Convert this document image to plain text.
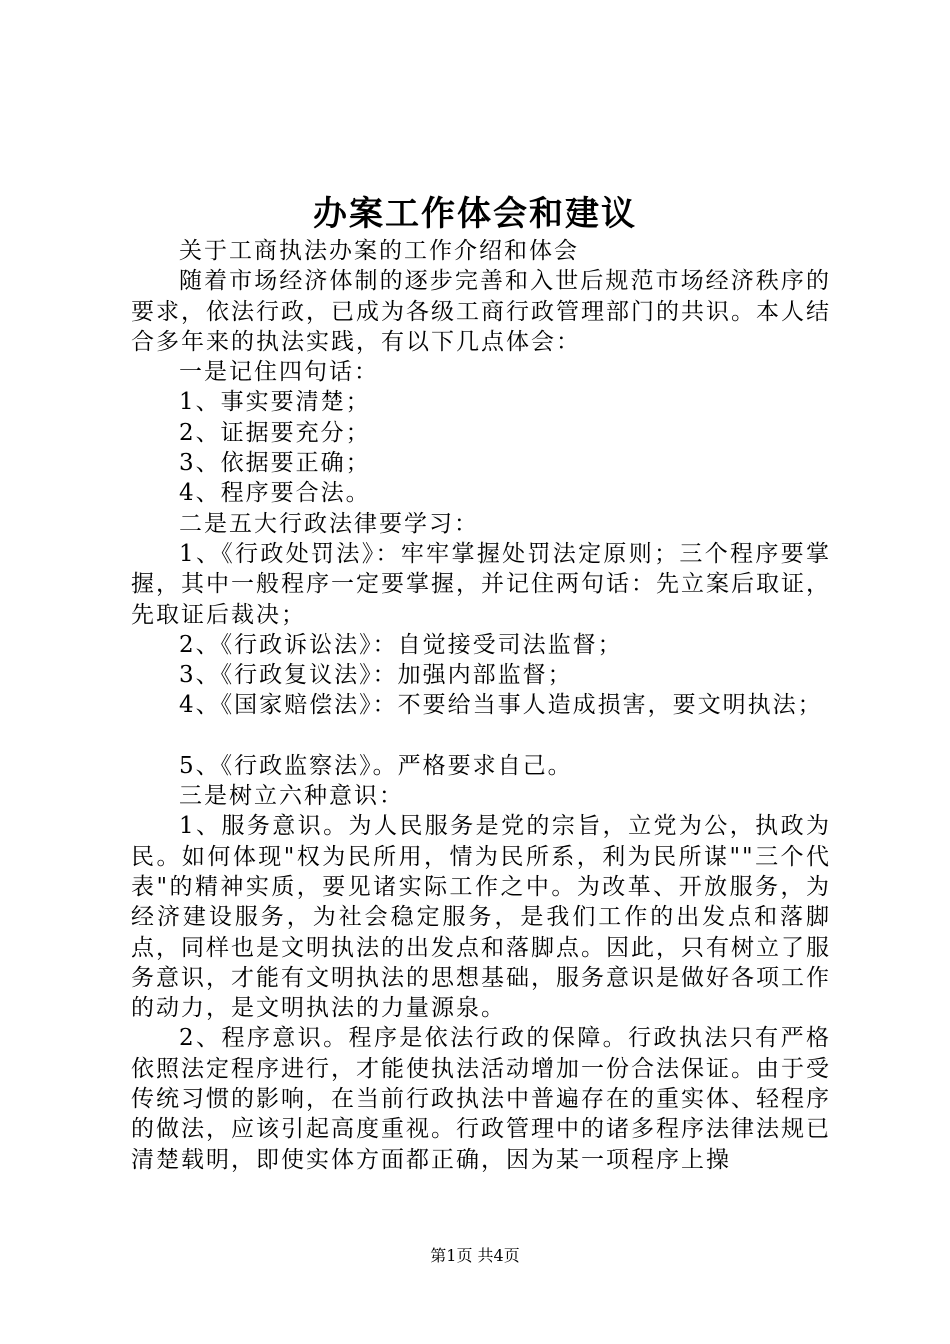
办案工作体会和建议

关于工商执法办案的工作介绍和体会

随着市场经济体制的逐步完善和入世后规范市场经济秩序的要求，依法行政，已成为各级工商行政管理部门的共识。本人结合多年来的执法实践，有以下几点体会：

一是记住四句话：

1、事实要清楚；

2、证据要充分；

3、依据要正确；

4、程序要合法。

二是五大行政法律要学习：

1、《行政处罚法》：牢牢掌握处罚法定原则；三个程序要掌握，其中一般程序一定要掌握，并记住两句话：先立案后取证，先取证后裁决；

2、《行政诉讼法》：自觉接受司法监督；

3、《行政复议法》：加强内部监督；

4、《国家赔偿法》：不要给当事人造成损害，要文明执法；

5、《行政监察法》。严格要求自己。

三是树立六种意识：

1、服务意识。为人民服务是党的宗旨，立党为公，执政为民。如何体现"权为民所用，情为民所系，利为民所谋""三个代表"的精神实质，要见诸实际工作之中。为改革、开放服务，为经济建设服务，为社会稳定服务，是我们工作的出发点和落脚点，同样也是文明执法的出发点和落脚点。因此，只有树立了服务意识，才能有文明执法的思想基础，服务意识是做好各项工作的动力，是文明执法的力量源泉。

2、程序意识。程序是依法行政的保障。行政执法只有严格依照法定程序进行，才能使执法活动增加一份合法保证。由于受传统习惯的影响，在当前行政执法中普遍存在的重实体、轻程序的做法，应该引起高度重视。行政管理中的诸多程序法律法规已清楚载明，即使实体方面都正确，因为某一项程序上操

第1页 共4页
